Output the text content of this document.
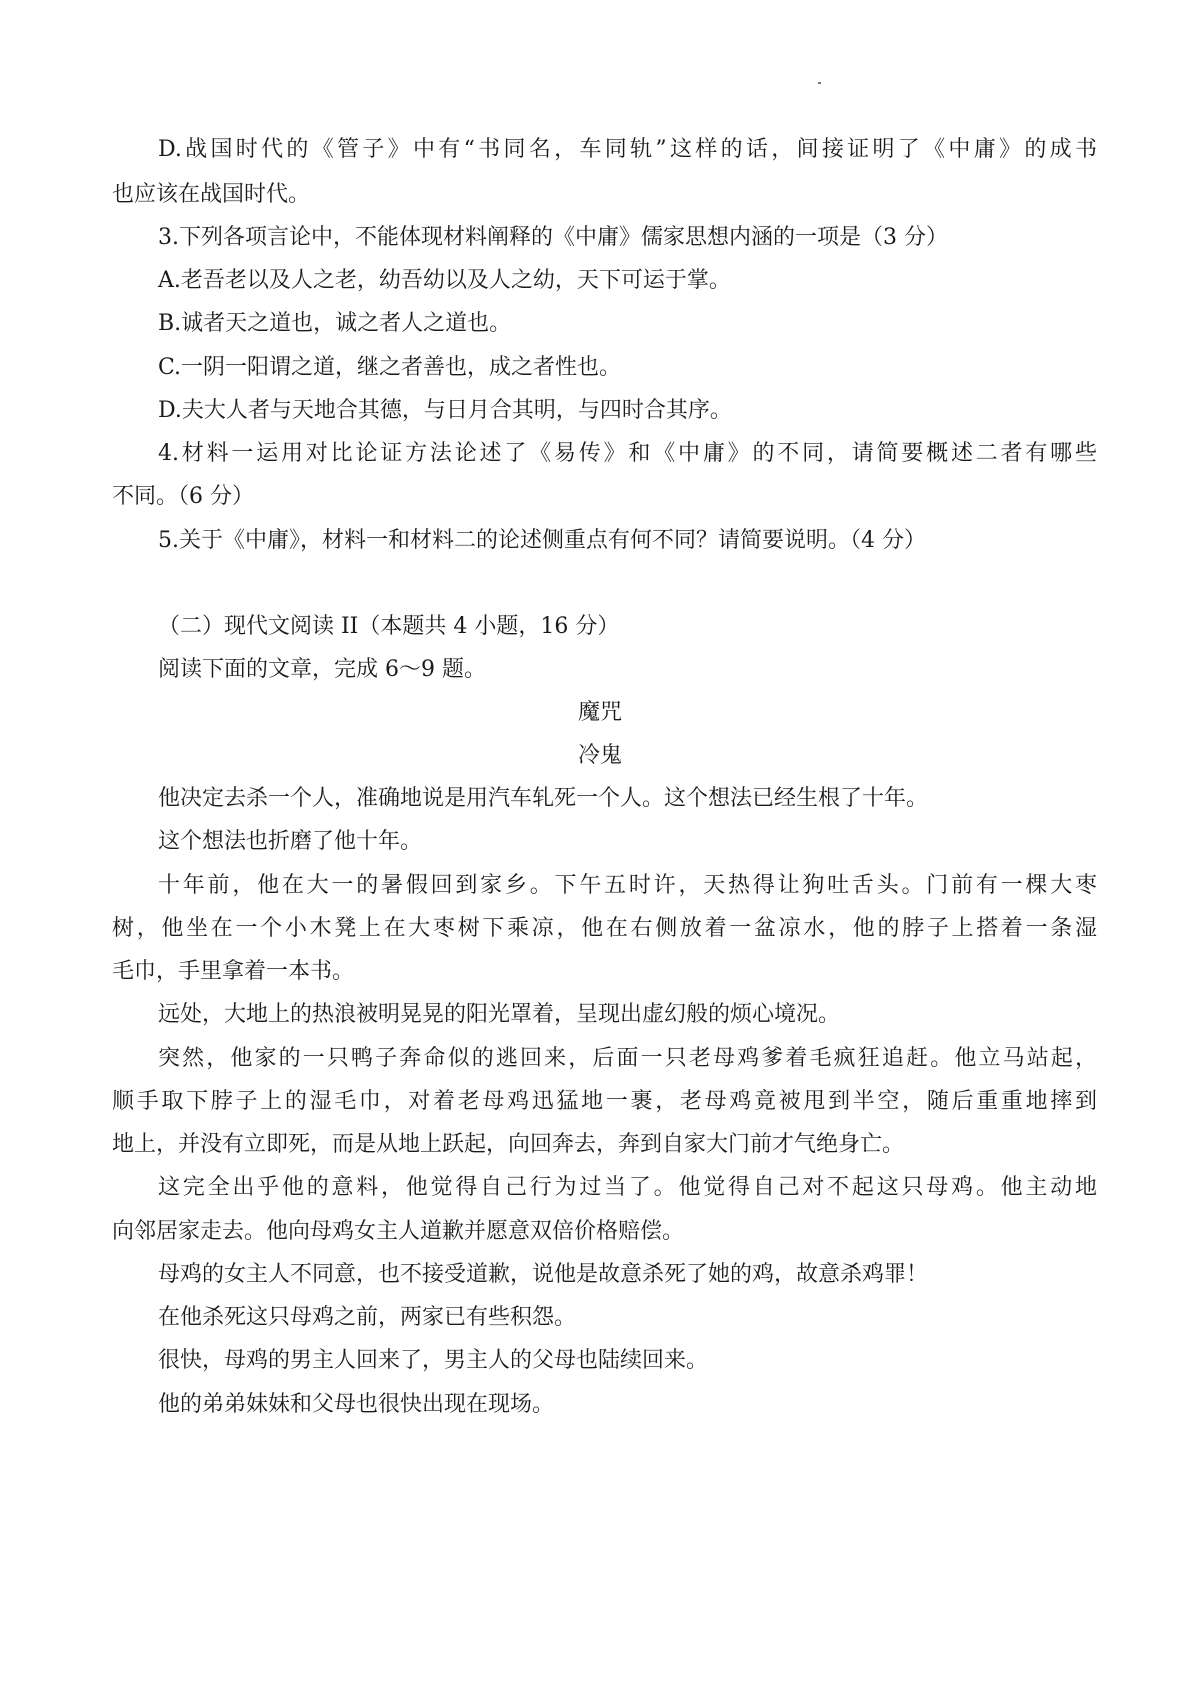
D.战国时代的《管子》中有“书同名，车同轨”这样的话，间接证明了《中庸》的成书
也应该在战国时代。
3.下列各项言论中，不能体现材料阐释的《中庸》儒家思想内涵的一项是（3 分）
A.老吾老以及人之老，幼吾幼以及人之幼，天下可运于掌。
B.诚者天之道也，诚之者人之道也。
C.一阴一阳谓之道，继之者善也，成之者性也。
D.夫大人者与天地合其德，与日月合其明，与四时合其序。
4.材料一运用对比论证方法论述了《易传》和《中庸》的不同，请简要概述二者有哪些
不同。（6 分）
5.关于《中庸》，材料一和材料二的论述侧重点有何不同？请简要说明。（4 分）
（二）现代文阅读 II（本题共 4 小题，16 分）
阅读下面的文章，完成 6～9 题。
魔咒
冷鬼
他决定去杀一个人，准确地说是用汽车轧死一个人。这个想法已经生根了十年。
这个想法也折磨了他十年。
十年前，他在大一的暑假回到家乡。下午五时许，天热得让狗吐舌头。门前有一棵大枣
树，他坐在一个小木凳上在大枣树下乘凉，他在右侧放着一盆凉水，他的脖子上搭着一条湿
毛巾，手里拿着一本书。
远处，大地上的热浪被明晃晃的阳光罩着，呈现出虚幻般的烦心境况。
突然，他家的一只鸭子奔命似的逃回来，后面一只老母鸡爹着毛疯狂追赶。他立马站起，
顺手取下脖子上的湿毛巾，对着老母鸡迅猛地一裹，老母鸡竟被甩到半空，随后重重地摔到
地上，并没有立即死，而是从地上跃起，向回奔去，奔到自家大门前才气绝身亡。
这完全出乎他的意料，他觉得自己行为过当了。他觉得自己对不起这只母鸡。他主动地
向邻居家走去。他向母鸡女主人道歉并愿意双倍价格赔偿。
母鸡的女主人不同意，也不接受道歉，说他是故意杀死了她的鸡，故意杀鸡罪！
在他杀死这只母鸡之前，两家已有些积怨。
很快，母鸡的男主人回来了，男主人的父母也陆续回来。
他的弟弟妹妹和父母也很快出现在现场。
